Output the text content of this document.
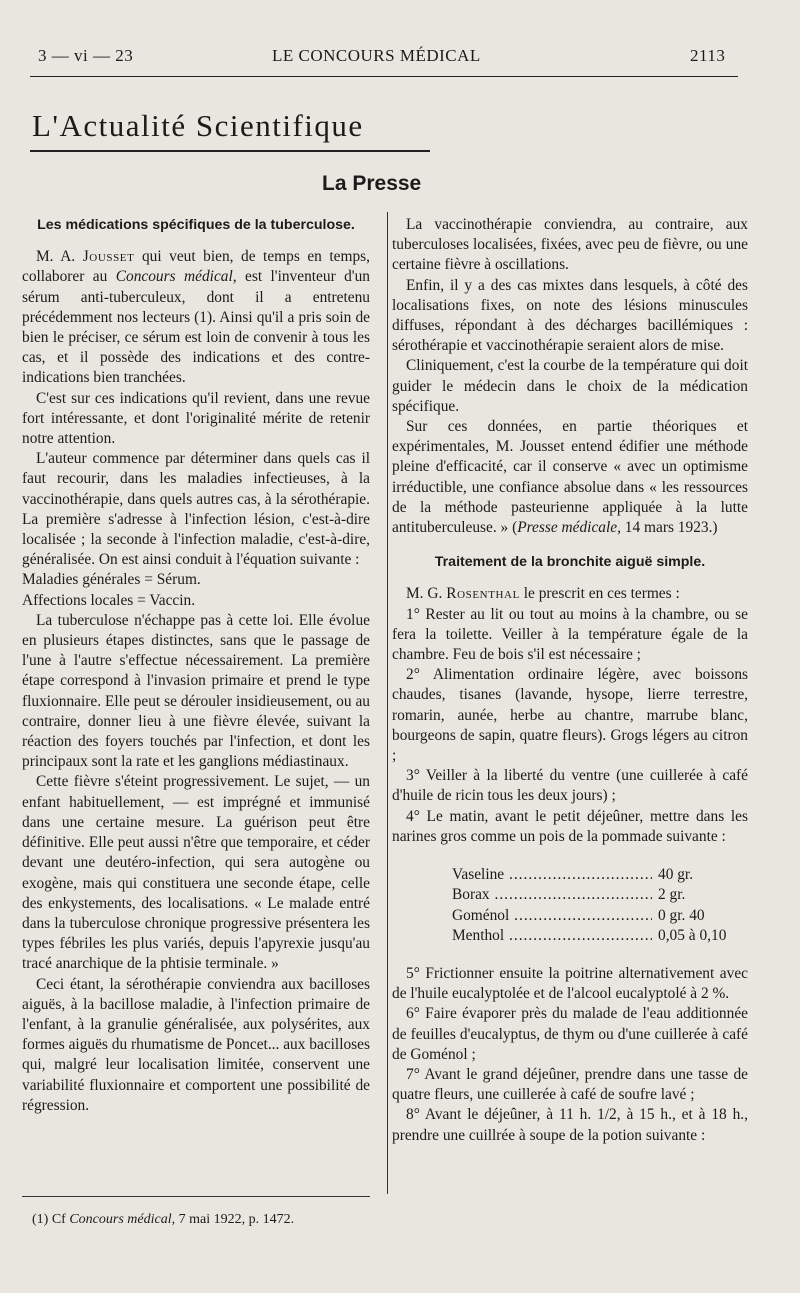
3 — vi — 23	LE CONCOURS MÉDICAL	2113
L'Actualité Scientifique
La Presse

Les médications spécifiques de la tuberculose.

M. A. Jousset qui veut bien, de temps en temps, collaborer au Concours médical, est l'inventeur d'un sérum anti-tuberculeux, dont il a entretenu précédemment nos lecteurs (1). Ainsi qu'il a pris soin de bien le préciser, ce sérum est loin de convenir à tous les cas, et il possède des indications et des contre-indications bien tranchées.

C'est sur ces indications qu'il revient, dans une revue fort intéressante, et dont l'originalité mérite de retenir notre attention.

L'auteur commence par déterminer dans quels cas il faut recourir, dans les maladies infectieuses, à la vaccinothérapie, dans quels autres cas, à la sérothérapie. La première s'adresse à l'infection lésion, c'est-à-dire localisée ; la seconde à l'infection maladie, c'est-à-dire, généralisée. On est ainsi conduit à l'équation suivante :

Maladies générales = Sérum.

Affections locales = Vaccin.

La tuberculose n'échappe pas à cette loi. Elle évolue en plusieurs étapes distinctes, sans que le passage de l'une à l'autre s'effectue nécessairement. La première étape correspond à l'invasion primaire et prend le type fluxionnaire. Elle peut se dérouler insidieusement, ou au contraire, donner lieu à une fièvre élevée, suivant la réaction des foyers touchés par l'infection, et dont les principaux sont la rate et les ganglions médiastinaux.

Cette fièvre s'éteint progressivement. Le sujet, — un enfant habituellement, — est imprégné et immunisé dans une certaine mesure. La guérison peut être définitive. Elle peut aussi n'être que temporaire, et céder devant une deutéro-infection, qui sera autogène ou exogène, mais qui constituera une seconde étape, celle des enkystements, des localisations. « Le malade entré dans la tuberculose chronique progressive présentera les types fébriles les plus variés, depuis l'apyrexie jusqu'au tracé anarchique de la phtisie terminale. »

Ceci étant, la sérothérapie conviendra aux bacilloses aiguës, à la bacillose maladie, à l'infection primaire de l'enfant, à la granulie généralisée, aux polysérites, aux formes aiguës du rhumatisme de Poncet... aux bacilloses qui, malgré leur localisation limitée, conservent une variabilité fluxionnaire et comportent une possibilité de régression.

(1) Cf Concours médical, 7 mai 1922, p. 1472.

La vaccinothérapie conviendra, au contraire, aux tuberculoses localisées, fixées, avec peu de fièvre, ou une certaine fièvre à oscillations.

Enfin, il y a des cas mixtes dans lesquels, à côté des localisations fixes, on note des lésions minuscules diffuses, répondant à des décharges bacillémiques : sérothérapie et vaccinothérapie seraient alors de mise.

Cliniquement, c'est la courbe de la température qui doit guider le médecin dans le choix de la médication spécifique.

Sur ces données, en partie théoriques et expérimentales, M. Jousset entend édifier une méthode pleine d'efficacité, car il conserve « avec un optimisme irréductible, une confiance absolue dans « les ressources de la méthode pasteurienne appliquée à la lutte antituberculeuse. » (Presse médicale, 14 mars 1923.)

Traitement de la bronchite aiguë simple.

M. G. Rosenthal le prescrit en ces termes :

1° Rester au lit ou tout au moins à la chambre, ou se fera la toilette. Veiller à la température égale de la chambre. Feu de bois s'il est nécessaire ;

2° Alimentation ordinaire légère, avec boissons chaudes, tisanes (lavande, hysope, lierre terrestre, romarin, aunée, herbe au chantre, marrube blanc, bourgeons de sapin, quatre fleurs). Grogs légers au citron ;

3° Veiller à la liberté du ventre (une cuillerée à café d'huile de ricin tous les deux jours) ;

4° Le matin, avant le petit déjeûner, mettre dans les narines gros comme un pois de la pommade suivante :

Vaseline .....	40 gr.
Borax .....	2 gr.
Goménol .....	0 gr. 40
Menthol .....	0,05 à 0,10

5° Frictionner ensuite la poitrine alternativement avec de l'huile eucalyptolée et de l'alcool eucalyptolé à 2 %.

6° Faire évaporer près du malade de l'eau additionnée de feuilles d'eucalyptus, de thym ou d'une cuillerée à café de Goménol ;

7° Avant le grand déjeûner, prendre dans une tasse de quatre fleurs, une cuillerée à café de soufre lavé ;

8° Avant le déjeûner, à 11 h. 1/2, à 15 h., et à 18 h., prendre une cuillrée à soupe de la potion suivante :
